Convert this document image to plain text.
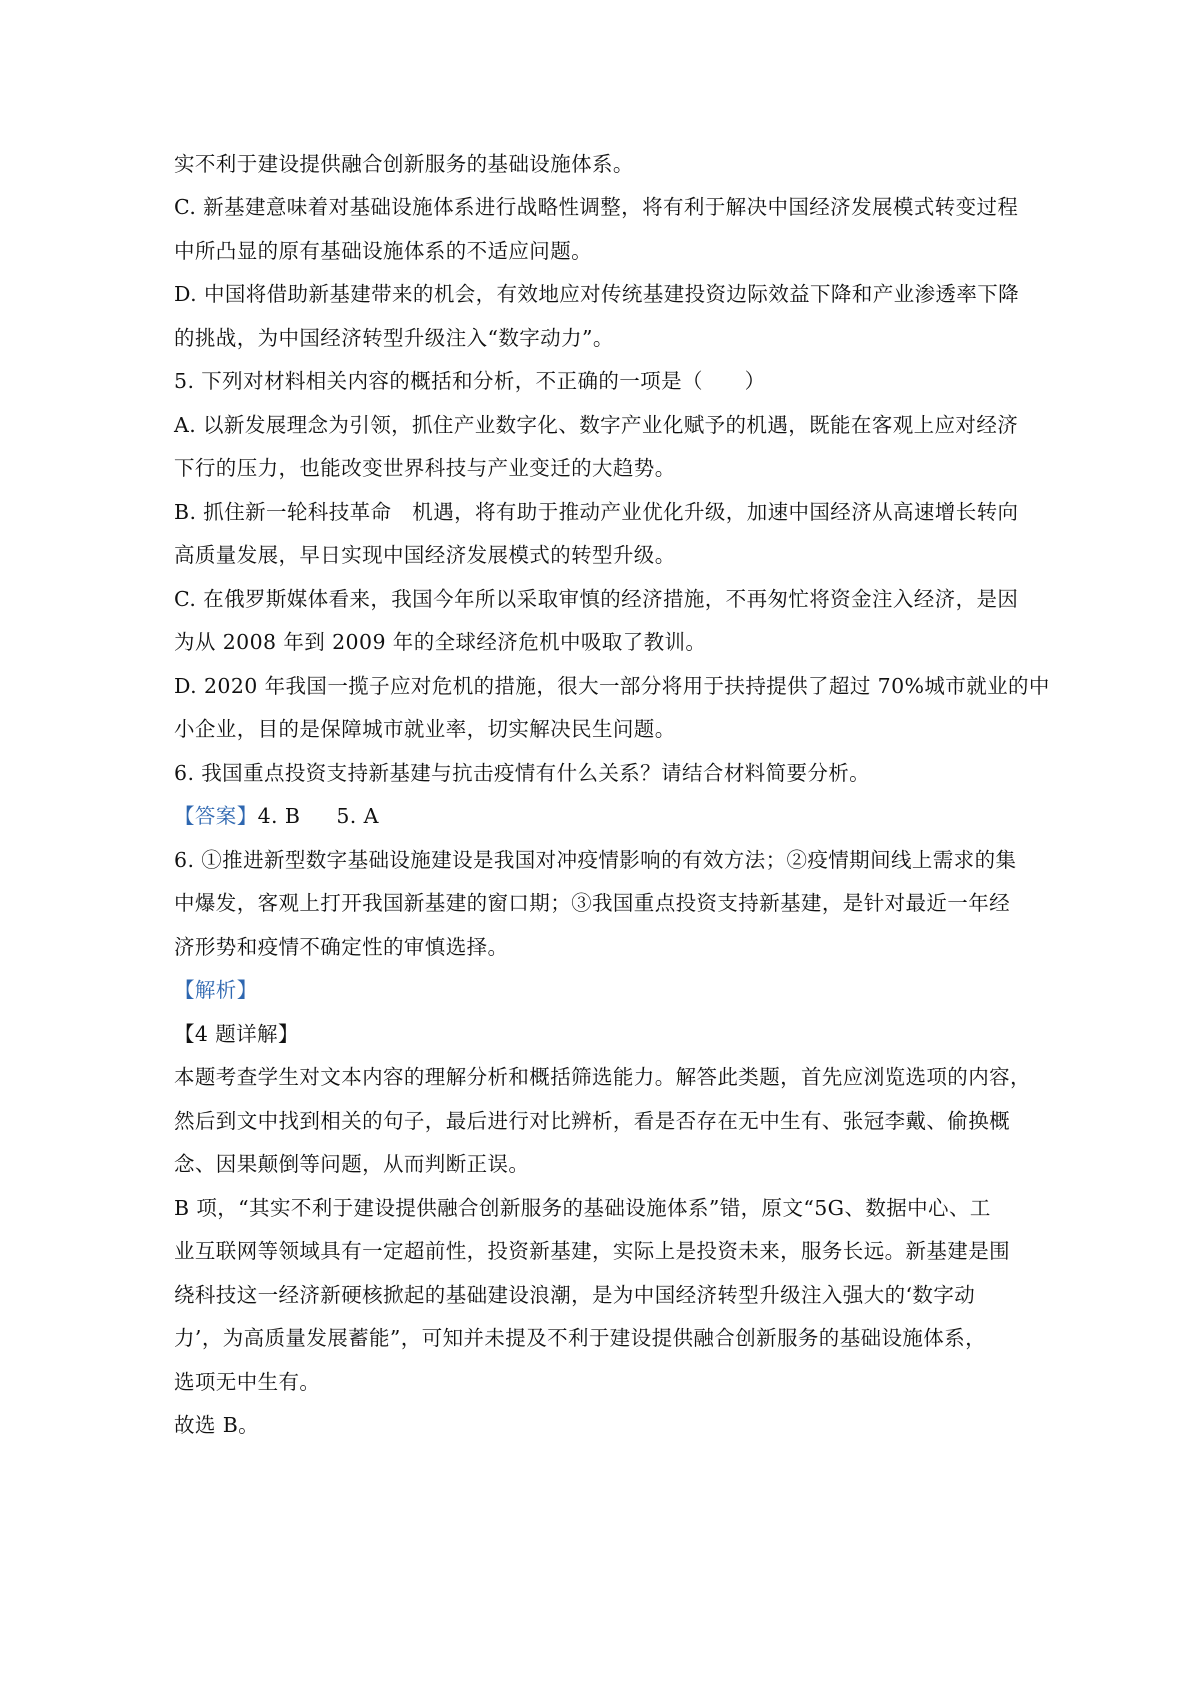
实不利于建设提供融合创新服务的基础设施体系。
C. 新基建意味着对基础设施体系进行战略性调整，将有利于解决中国经济发展模式转变过程
中所凸显的原有基础设施体系的不适应问题。
D. 中国将借助新基建带来的机会，有效地应对传统基建投资边际效益下降和产业渗透率下降
的挑战，为中国经济转型升级注入“数字动力”。
5. 下列对材料相关内容的概括和分析，不正确的一项是（　　）
A. 以新发展理念为引领，抓住产业数字化、数字产业化赋予的机遇，既能在客观上应对经济
下行的压力，也能改变世界科技与产业变迁的大趋势。
B. 抓住新一轮科技革命　机遇，将有助于推动产业优化升级，加速中国经济从高速增长转向
高质量发展，早日实现中国经济发展模式的转型升级。
C. 在俄罗斯媒体看来，我国今年所以采取审慎的经济措施，不再匆忙将资金注入经济，是因
为从 2008 年到 2009 年的全球经济危机中吸取了教训。
D. 2020 年我国一揽子应对危机的措施，很大一部分将用于扶持提供了超过 70%城市就业的中
小企业，目的是保障城市就业率，切实解决民生问题。
6. 我国重点投资支持新基建与抗击疫情有什么关系？请结合材料简要分析。
【答案】4. B 5. A
6. ①推进新型数字基础设施建设是我国对冲疫情影响的有效方法；②疫情期间线上需求的集
中爆发，客观上打开我国新基建的窗口期；③我国重点投资支持新基建，是针对最近一年经
济形势和疫情不确定性的审慎选择。
【解析】
【4 题详解】
本题考查学生对文本内容的理解分析和概括筛选能力。解答此类题，首先应浏览选项的内容，
然后到文中找到相关的句子，最后进行对比辨析，看是否存在无中生有、张冠李戴、偷换概
念、因果颠倒等问题，从而判断正误。
B 项，“其实不利于建设提供融合创新服务的基础设施体系”错，原文“5G、数据中心、工
业互联网等领域具有一定超前性，投资新基建，实际上是投资未来，服务长远。新基建是围
绕科技这一经济新硬核掀起的基础建设浪潮，是为中国经济转型升级注入强大的‘数字动
力’，为高质量发展蓄能”，可知并未提及不利于建设提供融合创新服务的基础设施体系，
选项无中生有。
故选 B。
